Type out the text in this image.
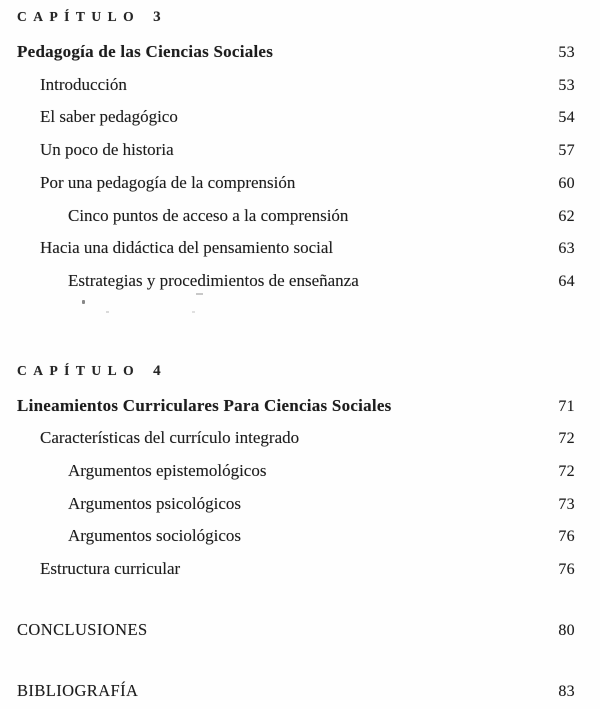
CAPÍTULO 3
Pedagogía de las Ciencias Sociales	53
Introducción	53
El saber pedagógico	54
Un poco de historia	57
Por una pedagogía de la comprensión	60
Cinco puntos de acceso a la comprensión	62
Hacia una didáctica del pensamiento social	63
Estrategias y procedimientos de enseñanza	64
CAPÍTULO 4
Lineamientos Curriculares Para Ciencias Sociales	71
Características del currículo integrado	72
Argumentos epistemológicos	72
Argumentos psicológicos	73
Argumentos sociológicos	76
Estructura curricular	76
CONCLUSIONES	80
BIBLIOGRAFÍA	83
